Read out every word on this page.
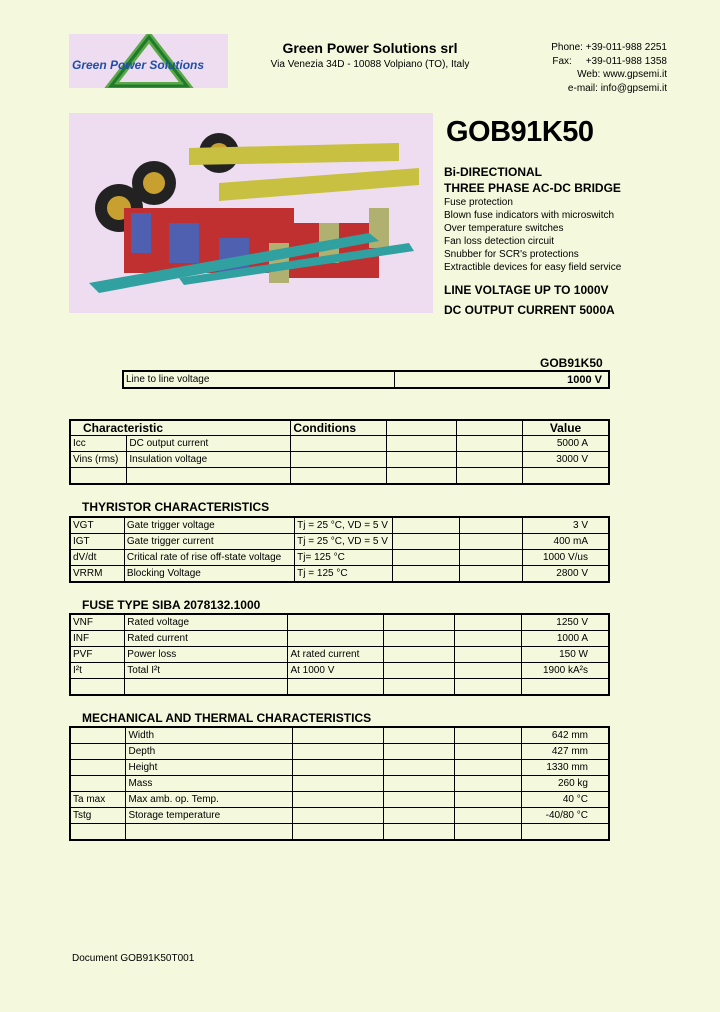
Green Power Solutions
Green Power Solutions srl
Via Venezia 34D - 10088 Volpiano (TO), Italy
Phone: +39-011-988 2251
Fax:     +39-011-988 1358
Web: www.gpsemi.it
e-mail: info@gpsemi.it
GOB91K50
Bi-DIRECTIONAL
THREE PHASE AC-DC BRIDGE
Fuse protection
Blown fuse indicators with microswitch
Over temperature switches
Fan loss detection circuit
Snubber for SCR's protections
Extractible devices for easy field service
LINE VOLTAGE UP TO 1000V
DC OUTPUT CURRENT 5000A
GOB91K50
Line to line voltage	1000 V
Characteristic		Conditions			Value
Icc	DC output current				5000 A
Vins (rms)	Insulation voltage				3000 V

THYRISTOR CHARACTERISTICS
VGT	Gate trigger voltage	Tj = 25 °C, VD = 5 V			3 V
IGT	Gate trigger current	Tj = 25 °C, VD = 5 V			400 mA
dV/dt	Critical rate of rise off-state voltage	Tj= 125 °C			1000 V/us
VRRM	Blocking Voltage	Tj = 125 °C			2800 V
FUSE TYPE SIBA 2078132.1000
VNF	Rated voltage				1250 V
INF	Rated current				1000 A
PVF	Power loss	At rated current			150 W
I²t	Total I²t	At 1000 V			1900 kA²s

MECHANICAL AND THERMAL CHARACTERISTICS
	Width				642 mm
	Depth				427 mm
	Height				1330 mm
	Mass				260 kg
Ta max	Max amb. op. Temp.				40 °C
Tstg	Storage temperature				-40/80 °C

Document GOB91K50T001
